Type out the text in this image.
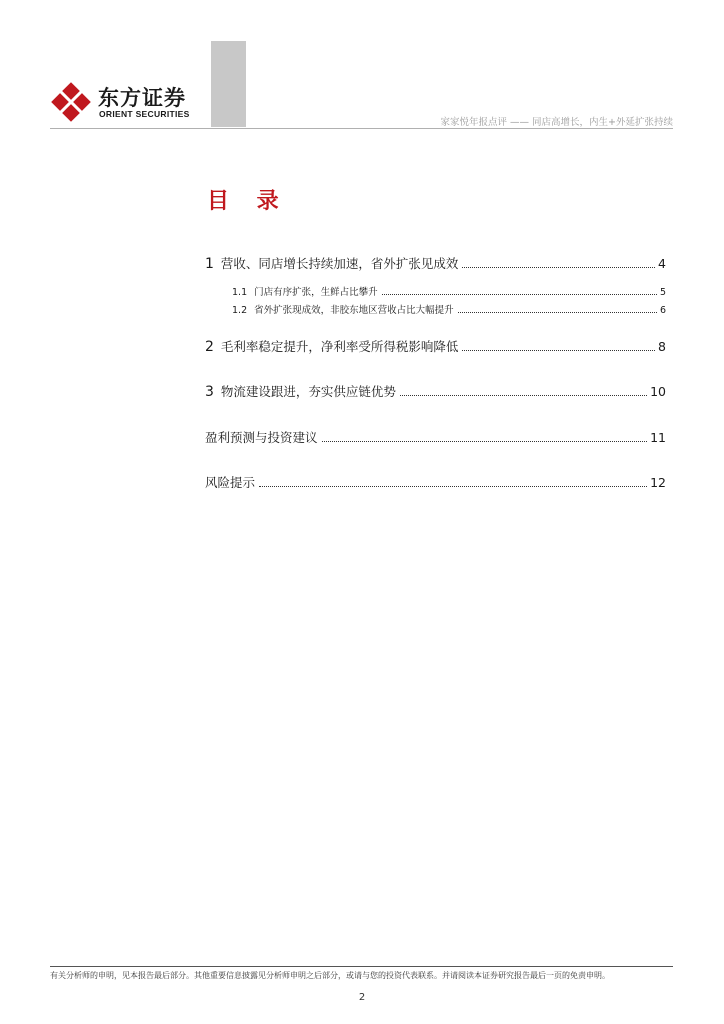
东方证券
ORIENT SECURITIES
家家悦年报点评 —— 同店高增长，内生+外延扩张持续
目 录
1 营收、同店增长持续加速，省外扩张见成效	4
1.1 门店有序扩张，生鲜占比攀升	5
1.2 省外扩张现成效，非胶东地区营收占比大幅提升	6
2 毛利率稳定提升，净利率受所得税影响降低	8
3 物流建设跟进，夯实供应链优势	10
盈利预测与投资建议	11
风险提示	12
有关分析师的申明，见本报告最后部分。其他重要信息披露见分析师申明之后部分，或请与您的投资代表联系。并请阅读本证券研究报告最后一页的免责申明。
2
